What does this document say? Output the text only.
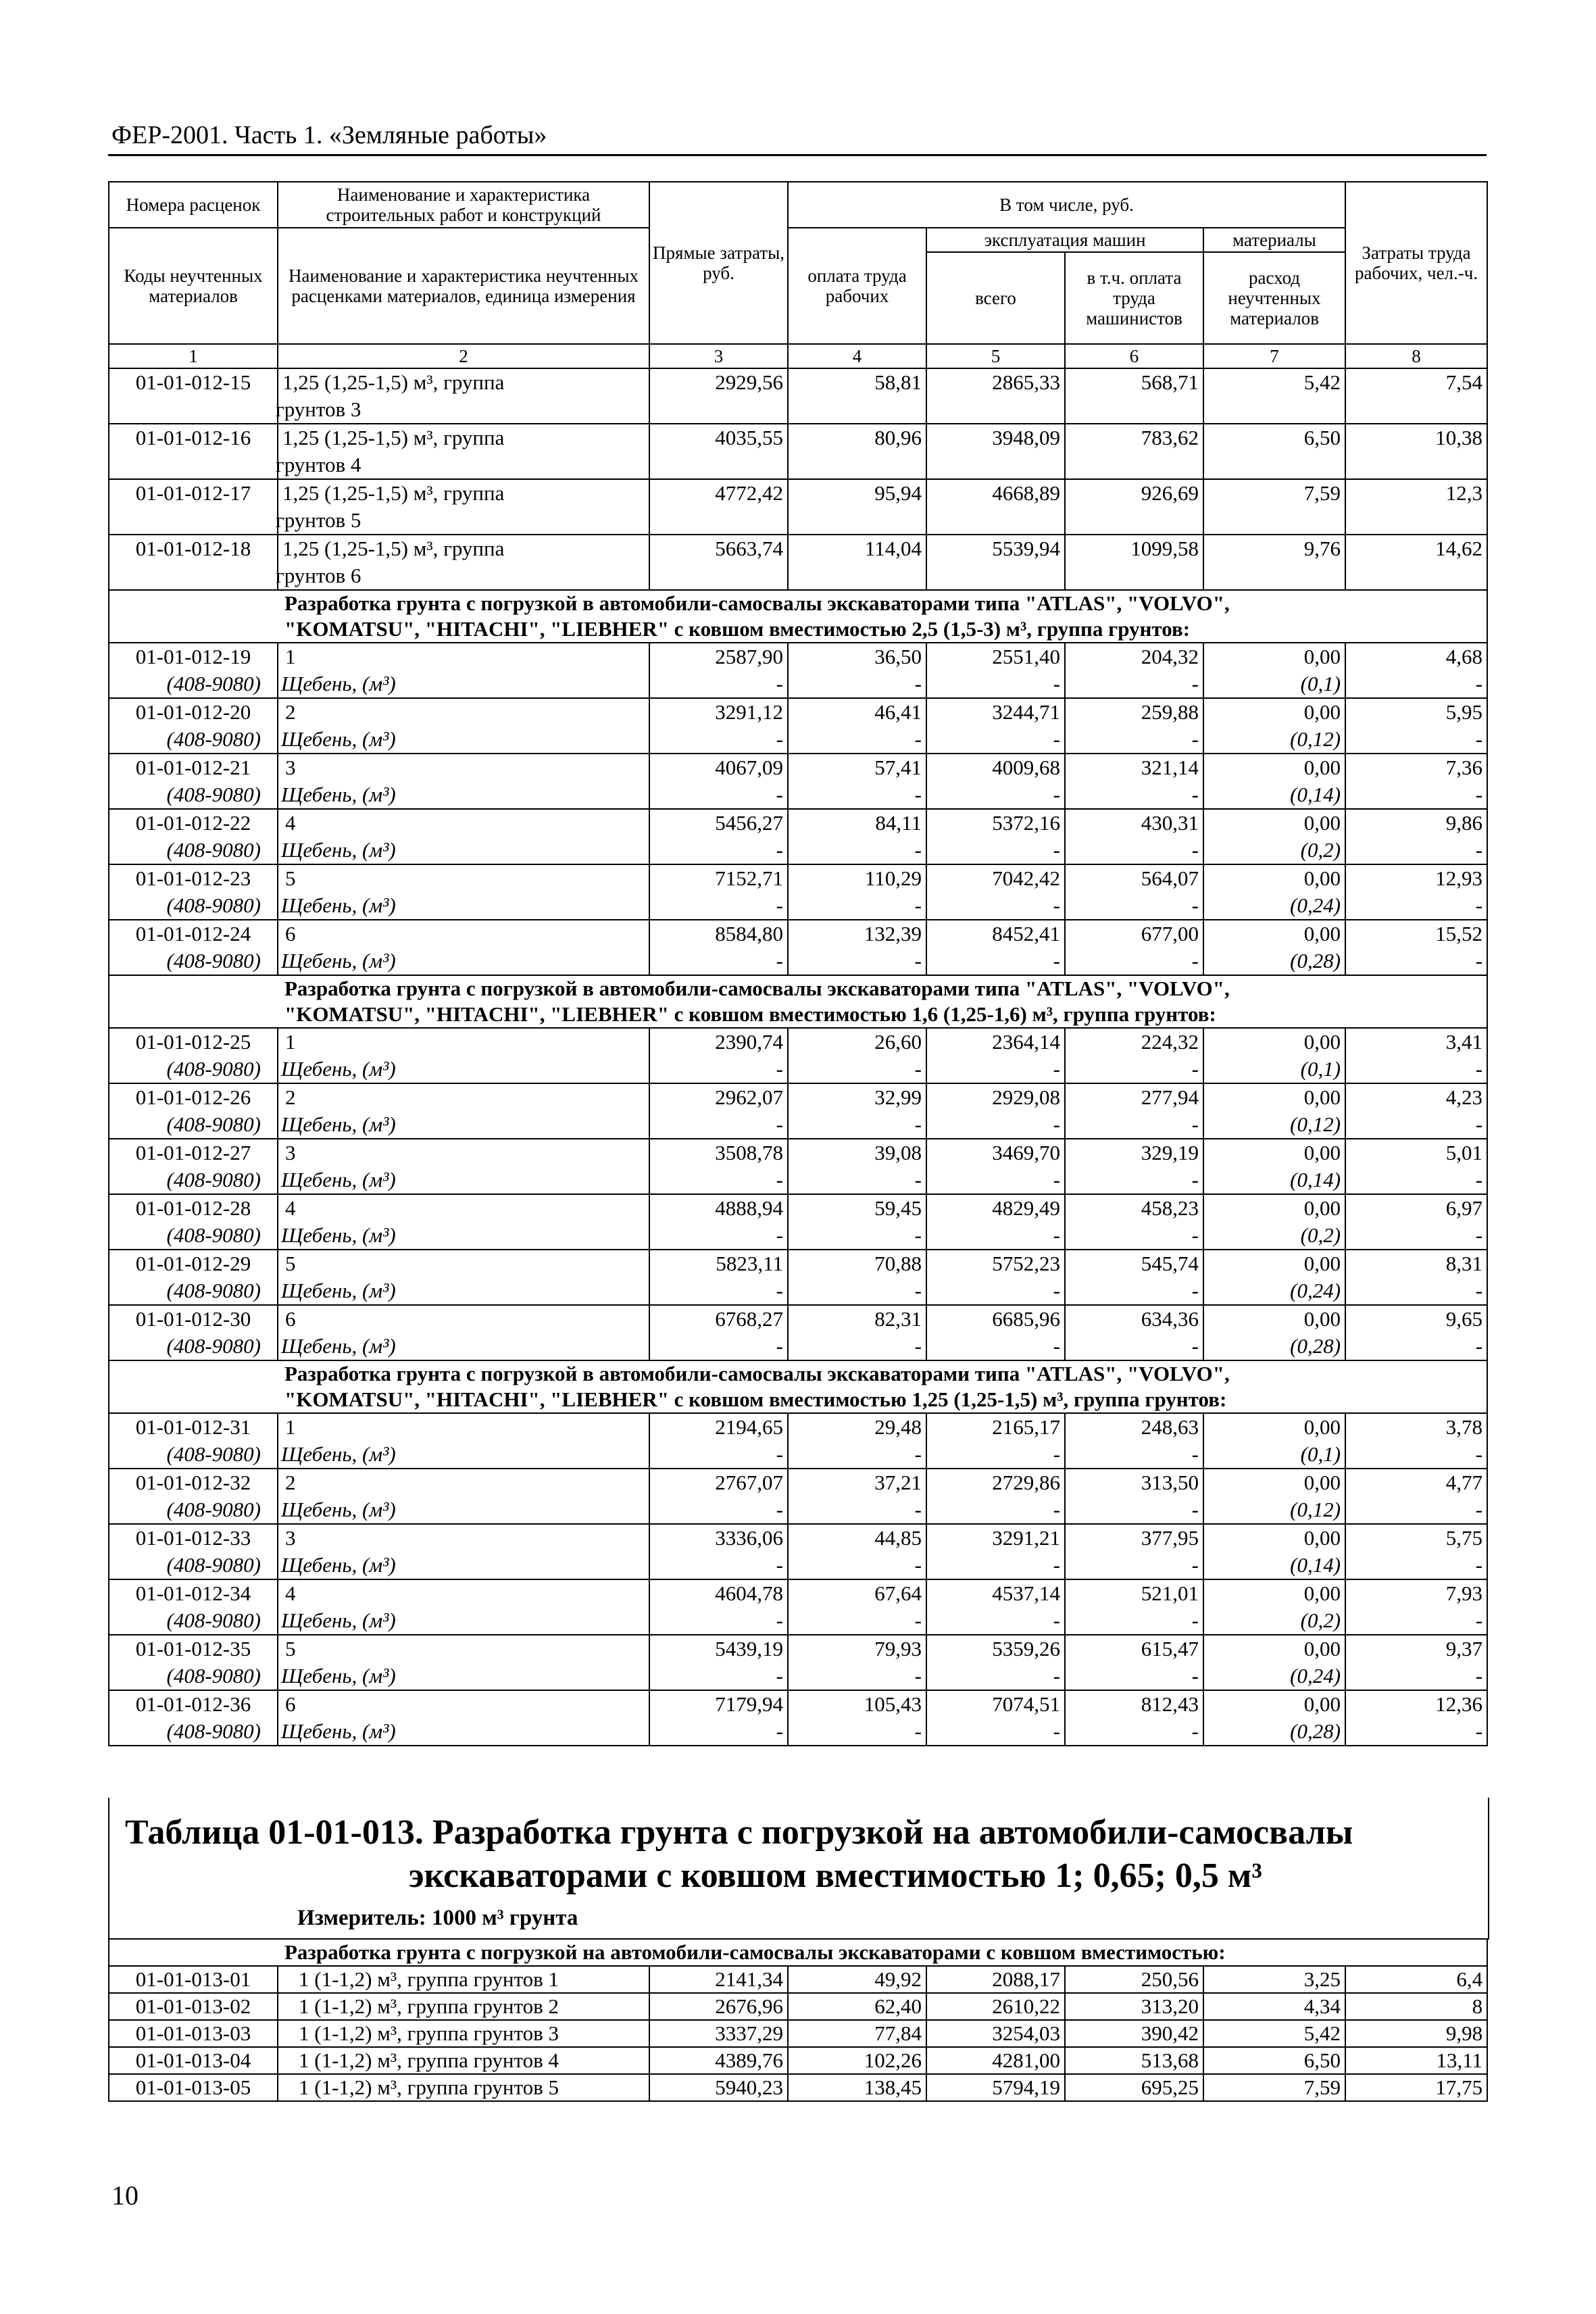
ФЕР-2001. Часть 1. «Земляные работы»
Номера расценок	Наименование и характеристика строительных работ и конструкций	Прямые затраты, руб.	В том числе, руб.				Затраты труда рабочих, чел.-ч.
Коды неучтенных материалов	Наименование и характеристика неучтенных расценками материалов, единица измерения		оплата труда рабочих	эксплуатация машин		материалы	
				всего	в т.ч. оплата труда машинистов	расход неучтенных материалов	
1	2	3	4	5	6	7	8
01-01-012-15	1,25 (1,25-1,5) м³, группа
грунтов 3	2929,56	58,81	2865,33	568,71	5,42	7,54
01-01-012-16	1,25 (1,25-1,5) м³, группа
грунтов 4	4035,55	80,96	3948,09	783,62	6,50	10,38
01-01-012-17	1,25 (1,25-1,5) м³, группа
грунтов 5	4772,42	95,94	4668,89	926,69	7,59	12,3
01-01-012-18	1,25 (1,25-1,5) м³, группа
грунтов 6	5663,74	114,04	5539,94	1099,58	9,76	14,62

	Разработка грунта с погрузкой в автомобили-самосвалы экскаваторами типа "ATLAS", "VOLVO",
"KOMATSU", "HITACHI", "LIEBHER" с ковшом вместимостью 2,5 (1,5-3) м³, группа грунтов:						

01-01-012-19	1	2587,90	36,50	2551,40	204,32	0,00	4,68
(408-9080)	Щебень, (м³)	-	-	-	-	(0,1)	-
01-01-012-20	2	3291,12	46,41	3244,71	259,88	0,00	5,95
(408-9080)	Щебень, (м³)	-	-	-	-	(0,12)	-
01-01-012-21	3	4067,09	57,41	4009,68	321,14	0,00	7,36
(408-9080)	Щебень, (м³)	-	-	-	-	(0,14)	-
01-01-012-22	4	5456,27	84,11	5372,16	430,31	0,00	9,86
(408-9080)	Щебень, (м³)	-	-	-	-	(0,2)	-
01-01-012-23	5	7152,71	110,29	7042,42	564,07	0,00	12,93
(408-9080)	Щебень, (м³)	-	-	-	-	(0,24)	-
01-01-012-24	6	8584,80	132,39	8452,41	677,00	0,00	15,52
(408-9080)	Щебень, (м³)	-	-	-	-	(0,28)	-

	Разработка грунта с погрузкой в автомобили-самосвалы экскаваторами типа "ATLAS", "VOLVO",
"KOMATSU", "HITACHI", "LIEBHER" с ковшом вместимостью 1,6 (1,25-1,6) м³, группа грунтов:						

01-01-012-25	1	2390,74	26,60	2364,14	224,32	0,00	3,41
(408-9080)	Щебень, (м³)	-	-	-	-	(0,1)	-
01-01-012-26	2	2962,07	32,99	2929,08	277,94	0,00	4,23
(408-9080)	Щебень, (м³)	-	-	-	-	(0,12)	-
01-01-012-27	3	3508,78	39,08	3469,70	329,19	0,00	5,01
(408-9080)	Щебень, (м³)	-	-	-	-	(0,14)	-
01-01-012-28	4	4888,94	59,45	4829,49	458,23	0,00	6,97
(408-9080)	Щебень, (м³)	-	-	-	-	(0,2)	-
01-01-012-29	5	5823,11	70,88	5752,23	545,74	0,00	8,31
(408-9080)	Щебень, (м³)	-	-	-	-	(0,24)	-
01-01-012-30	6	6768,27	82,31	6685,96	634,36	0,00	9,65
(408-9080)	Щебень, (м³)	-	-	-	-	(0,28)	-

	Разработка грунта с погрузкой в автомобили-самосвалы экскаваторами типа "ATLAS", "VOLVO",
"KOMATSU", "HITACHI", "LIEBHER" с ковшом вместимостью 1,25 (1,25-1,5) м³, группа грунтов:						

01-01-012-31	1	2194,65	29,48	2165,17	248,63	0,00	3,78
(408-9080)	Щебень, (м³)	-	-	-	-	(0,1)	-
01-01-012-32	2	2767,07	37,21	2729,86	313,50	0,00	4,77
(408-9080)	Щебень, (м³)	-	-	-	-	(0,12)	-
01-01-012-33	3	3336,06	44,85	3291,21	377,95	0,00	5,75
(408-9080)	Щебень, (м³)	-	-	-	-	(0,14)	-
01-01-012-34	4	4604,78	67,64	4537,14	521,01	0,00	7,93
(408-9080)	Щебень, (м³)	-	-	-	-	(0,2)	-
01-01-012-35	5	5439,19	79,93	5359,26	615,47	0,00	9,37
(408-9080)	Щебень, (м³)	-	-	-	-	(0,24)	-
01-01-012-36	6	7179,94	105,43	7074,51	812,43	0,00	12,36
(408-9080)	Щебень, (м³)	-	-	-	-	(0,28)	-
Таблица 01-01-013. Разработка грунта с погрузкой на автомобили-самосвалы
экскаваторами с ковшом вместимостью 1; 0,65; 0,5 м³
Измеритель: 1000 м³ грунта
	Разработка грунта с погрузкой на автомобили-самосвалы экскаваторами с ковшом вместимостью:						
01-01-013-01	1 (1-1,2) м³, группа грунтов 1	2141,34	49,92	2088,17	250,56	3,25	6,4
01-01-013-02	1 (1-1,2) м³, группа грунтов 2	2676,96	62,40	2610,22	313,20	4,34	8
01-01-013-03	1 (1-1,2) м³, группа грунтов 3	3337,29	77,84	3254,03	390,42	5,42	9,98
01-01-013-04	1 (1-1,2) м³, группа грунтов 4	4389,76	102,26	4281,00	513,68	6,50	13,11
01-01-013-05	1 (1-1,2) м³, группа грунтов 5	5940,23	138,45	5794,19	695,25	7,59	17,75
10
